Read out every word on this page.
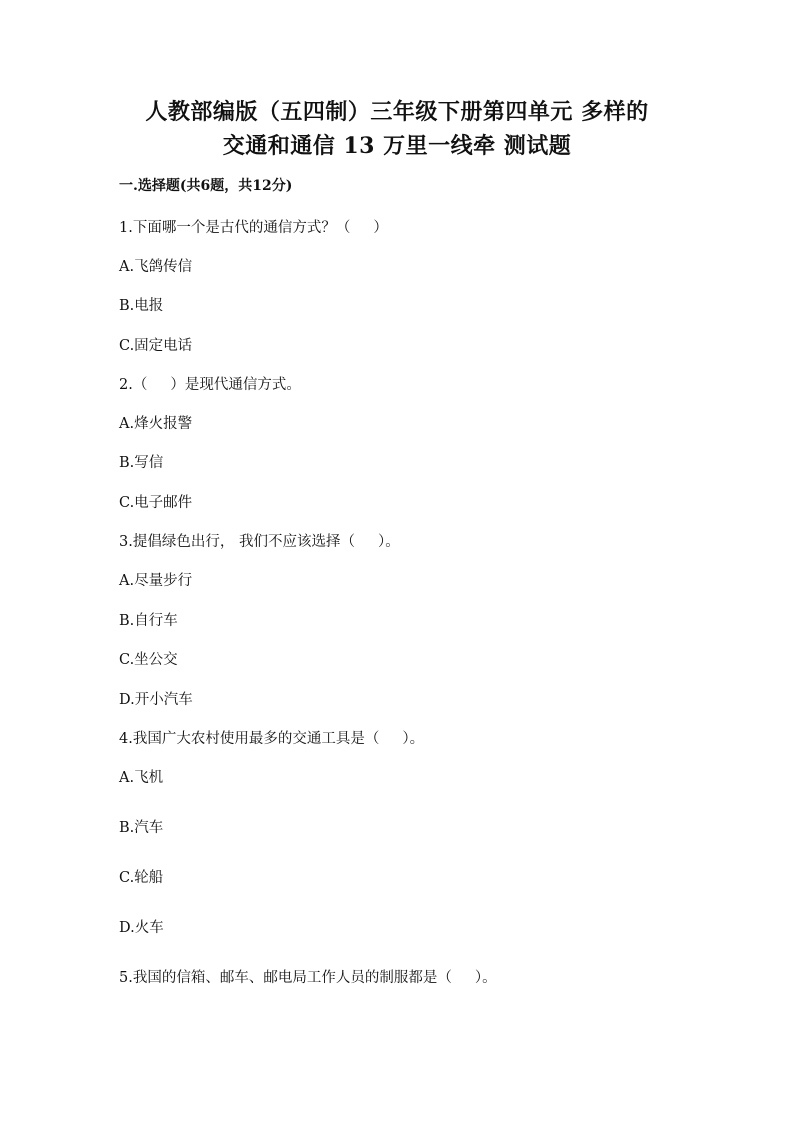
人教部编版（五四制）三年级下册第四单元 多样的
交通和通信 13 万里一线牵 测试题
一.选择题(共6题，共12分)
1.下面哪一个是古代的通信方式？（     ）
A.飞鸽传信
B.电报
C.固定电话
2.（     ）是现代通信方式。
A.烽火报警
B.写信
C.电子邮件
3.提倡绿色出行， 我们不应该选择（     ）。
A.尽量步行
B.自行车
C.坐公交
D.开小汽车
4.我国广大农村使用最多的交通工具是（     ）。
A.飞机
B.汽车
C.轮船
D.火车
5.我国的信箱、邮车、邮电局工作人员的制服都是（     ）。
